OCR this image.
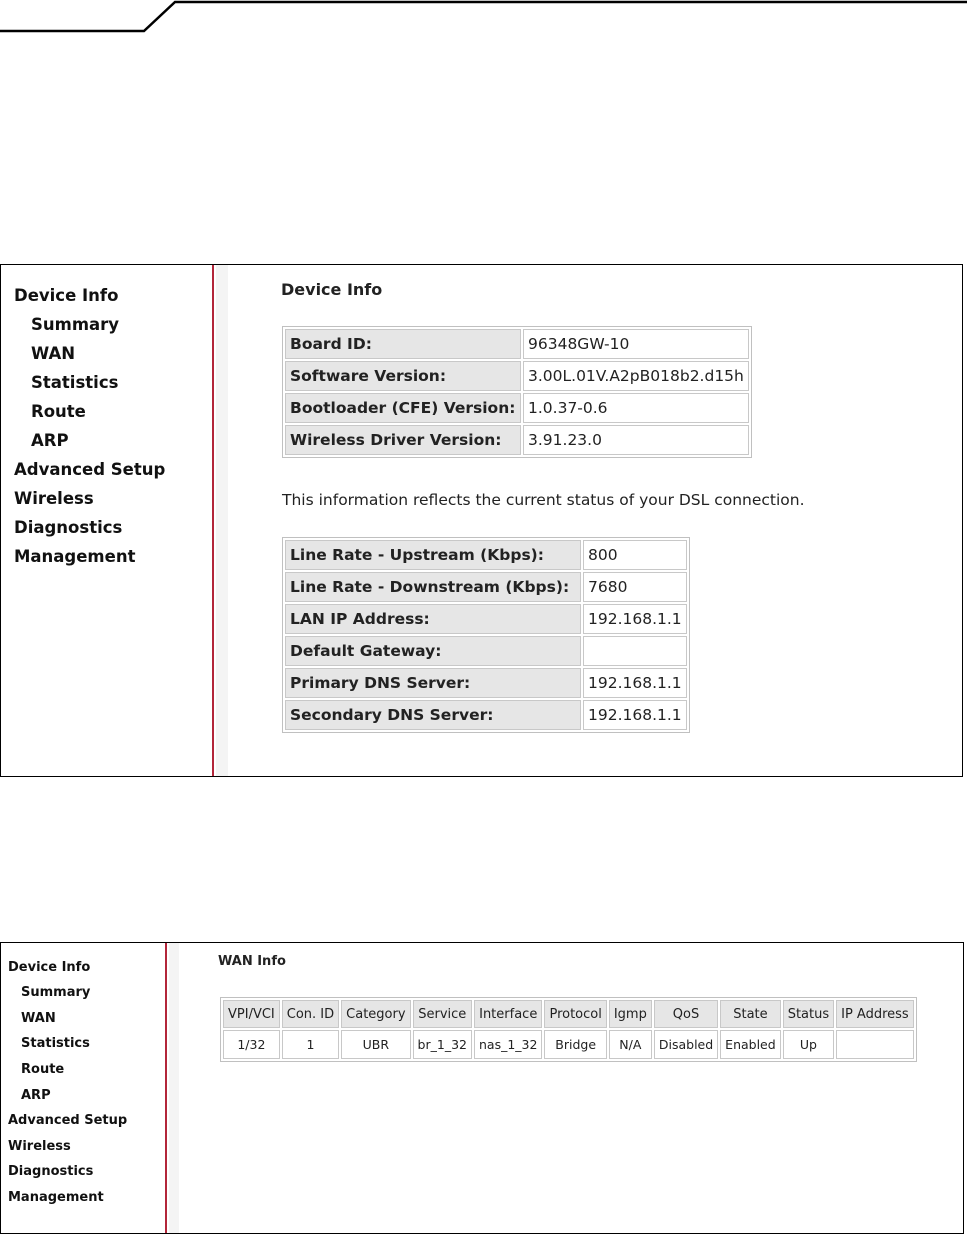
Device Info
Summary
WAN
Statistics
Route
ARP
Advanced Setup
Wireless
Diagnostics
Management
Device Info
Board ID:	96348GW-10
Software Version:	3.00L.01V.A2pB018b2.d15h
Bootloader (CFE) Version:	1.0.37-0.6
Wireless Driver Version:	3.91.23.0
This information reflects the current status of your DSL connection.
Line Rate - Upstream (Kbps):	800
Line Rate - Downstream (Kbps):	7680
LAN IP Address:	192.168.1.1
Default Gateway:	
Primary DNS Server:	192.168.1.1
Secondary DNS Server:	192.168.1.1
Device Info
Summary
WAN
Statistics
Route
ARP
Advanced Setup
Wireless
Diagnostics
Management
WAN Info
VPI/VCI	Con. ID	Category	Service	Interface	Protocol	Igmp	QoS	State	Status	IP Address
1/32	1	UBR	br_1_32	nas_1_32	Bridge	N/A	Disabled	Enabled	Up	
